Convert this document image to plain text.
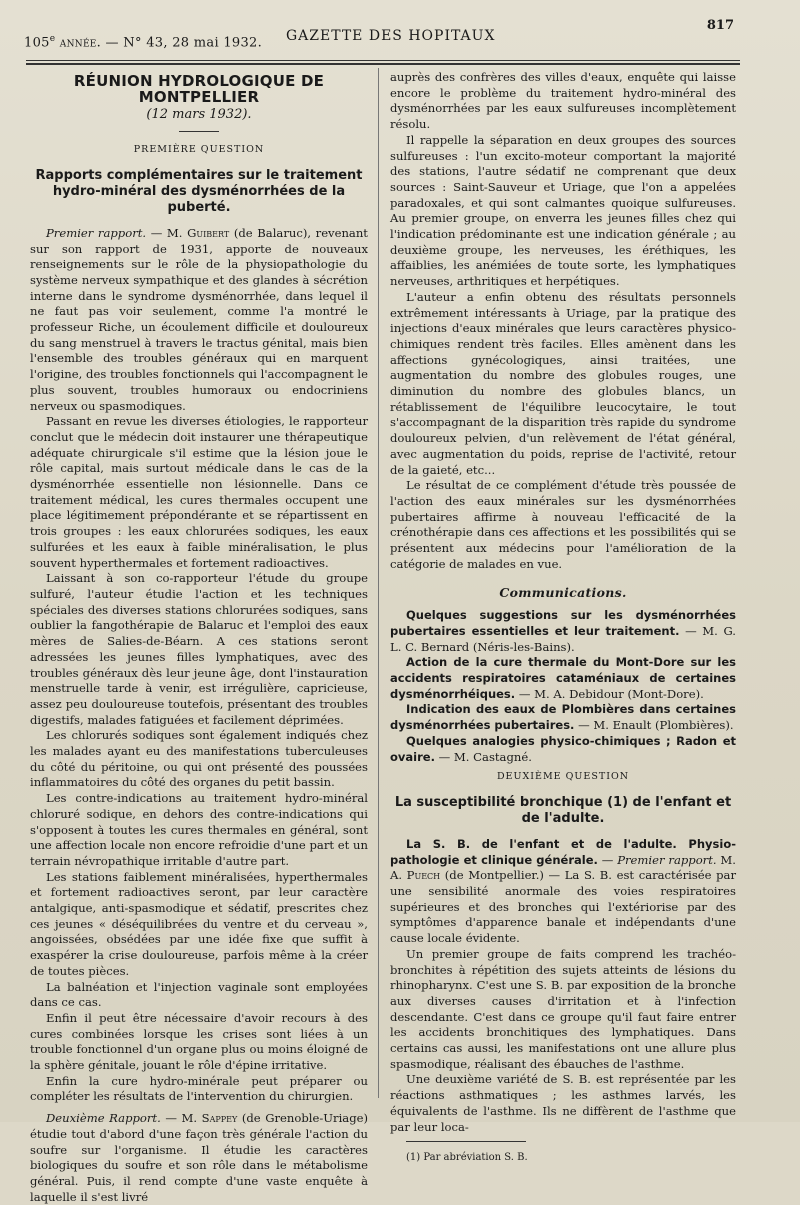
105e année. — N° 43, 28 mai 1932. GAZETTE DES HOPITAUX
817
RÉUNION HYDROLOGIQUE DE MONTPELLIER
(12 mars 1932).
PREMIÈRE QUESTION
Rapports complémentaires sur le traitement hydro-minéral des dysménorrhées de la puberté.

Premier rapport. — M. Guibert (de Balaruc), revenant sur son rapport de 1931, apporte de nouveaux renseignements sur le rôle de la physiopathologie du système nerveux sympathique et des glandes à sécrétion interne dans le syndrome dysménorrhée, dans lequel il ne faut pas voir seulement, comme l'a montré le professeur Riche, un écoulement difficile et douloureux du sang menstruel à travers le tractus génital, mais bien l'ensemble des troubles généraux qui en marquent l'origine, des troubles fonctionnels qui l'accompagnent le plus souvent, troubles humoraux ou endocriniens nerveux ou spasmodiques.

Passant en revue les diverses étiologies, le rapporteur conclut que le médecin doit instaurer une thérapeutique adéquate chirurgicale s'il estime que la lésion joue le rôle capital, mais surtout médicale dans le cas de la dysménorrhée essentielle non lésionnelle. Dans ce traitement médical, les cures thermales occupent une place légitimement prépondérante et se répartissent en trois groupes : les eaux chlorurées sodiques, les eaux sulfurées et les eaux à faible minéralisation, le plus souvent hyperthermales et fortement radioactives.

Laissant à son co-rapporteur l'étude du groupe sulfuré, l'auteur étudie l'action et les techniques spéciales des diverses stations chlorurées sodiques, sans oublier la fangothérapie de Balaruc et l'emploi des eaux mères de Salies-de-Béarn. A ces stations seront adressées les jeunes filles lymphatiques, avec des troubles généraux dès leur jeune âge, dont l'instauration menstruelle tarde à venir, est irrégulière, capricieuse, assez peu douloureuse toutefois, présentant des troubles digestifs, malades fatiguées et facilement déprimées.

Les chlorurés sodiques sont également indiqués chez les malades ayant eu des manifestations tuberculeuses du côté du péritoine, ou qui ont présenté des poussées inflammatoires du côté des organes du petit bassin.

Les contre-indications au traitement hydro-minéral chloruré sodique, en dehors des contre-indications qui s'opposent à toutes les cures thermales en général, sont une affection locale non encore refroidie d'une part et un terrain névropathique irritable d'autre part.

Les stations faiblement minéralisées, hyperthermales et fortement radioactives seront, par leur caractère antalgique, anti-spasmodique et sédatif, prescrites chez ces jeunes « déséquilibrées du ventre et du cerveau », angoissées, obsédées par une idée fixe que suffit à exaspérer la crise douloureuse, parfois même à la créer de toutes pièces.

La balnéation et l'injection vaginale sont employées dans ce cas.

Enfin il peut être nécessaire d'avoir recours à des cures combinées lorsque les crises sont liées à un trouble fonctionnel d'un organe plus ou moins éloigné de la sphère génitale, jouant le rôle d'épine irritative.

Enfin la cure hydro-minérale peut préparer ou compléter les résultats de l'intervention du chirurgien.

Deuxième Rapport. — M. Sappey (de Grenoble-Uriage) étudie tout d'abord d'une façon très générale l'action du soufre sur l'organisme. Il étudie les caractères biologiques du soufre et son rôle dans le métabolisme général. Puis, il rend compte d'une vaste enquête à laquelle il s'est livré

auprès des confrères des villes d'eaux, enquête qui laisse encore le problème du traitement hydro-minéral des dysménorrhées par les eaux sulfureuses incomplètement résolu.

Il rappelle la séparation en deux groupes des sources sulfureuses : l'un excito-moteur comportant la majorité des stations, l'autre sédatif ne comprenant que deux sources : Saint-Sauveur et Uriage, que l'on a appelées paradoxales, et qui sont calmantes quoique sulfureuses. Au premier groupe, on enverra les jeunes filles chez qui l'indication prédominante est une indication générale ; au deuxième groupe, les nerveuses, les éréthiques, les affaiblies, les anémiées de toute sorte, les lymphatiques nerveuses, arthritiques et herpétiques.

L'auteur a enfin obtenu des résultats personnels extrêmement intéressants à Uriage, par la pratique des injections d'eaux minérales que leurs caractères physico-chimiques rendent très faciles. Elles amènent dans les affections gynécologiques, ainsi traitées, une augmentation du nombre des globules rouges, une diminution du nombre des globules blancs, un rétablissement de l'équilibre leucocytaire, le tout s'accompagnant de la disparition très rapide du syndrome douloureux pelvien, d'un relèvement de l'état général, avec augmentation du poids, reprise de l'activité, retour de la gaieté, etc...

Le résultat de ce complément d'étude très poussée de l'action des eaux minérales sur les dysménorrhées pubertaires affirme à nouveau l'efficacité de la crénothérapie dans ces affections et les possibilités qui se présentent aux médecins pour l'amélioration de la catégorie de malades en vue.

Communications.

Quelques suggestions sur les dysménorrhées pubertaires essentielles et leur traitement. — M. G. L. C. Bernard (Néris-les-Bains).

Action de la cure thermale du Mont-Dore sur les accidents respiratoires cataméniaux de certaines dysménorrhéiques. — M. A. Debidour (Mont-Dore).

Indication des eaux de Plombières dans certaines dysménorrhées pubertaires. — M. Enault (Plombières).

Quelques analogies physico-chimiques ; Radon et ovaire. — M. Castagné.

DEUXIÈME QUESTION
La susceptibilité bronchique (1) de l'enfant et de l'adulte.

La S. B. de l'enfant et de l'adulte. Physio-pathologie et clinique générale. — Premier rapport. M. A. Puech (de Montpellier.) — La S. B. est caractérisée par une sensibilité anormale des voies respiratoires supérieures et des bronches qui l'extériorise par des symptômes d'apparence banale et indépendants d'une cause locale évidente.

Un premier groupe de faits comprend les trachéo-bronchites à répétition des sujets atteints de lésions du rhinopharynx. C'est une S. B. par exposition de la bronche aux diverses causes d'irritation et à l'infection descendante. C'est dans ce groupe qu'il faut faire entrer les accidents bronchitiques des lymphatiques. Dans certains cas aussi, les manifestations ont une allure plus spasmodique, réalisant des ébauches de l'asthme.

Une deuxième variété de S. B. est représentée par les réactions asthmatiques ; les asthmes larvés, les équivalents de l'asthme. Ils ne diffèrent de l'asthme que par leur loca-

(1) Par abréviation S. B.
